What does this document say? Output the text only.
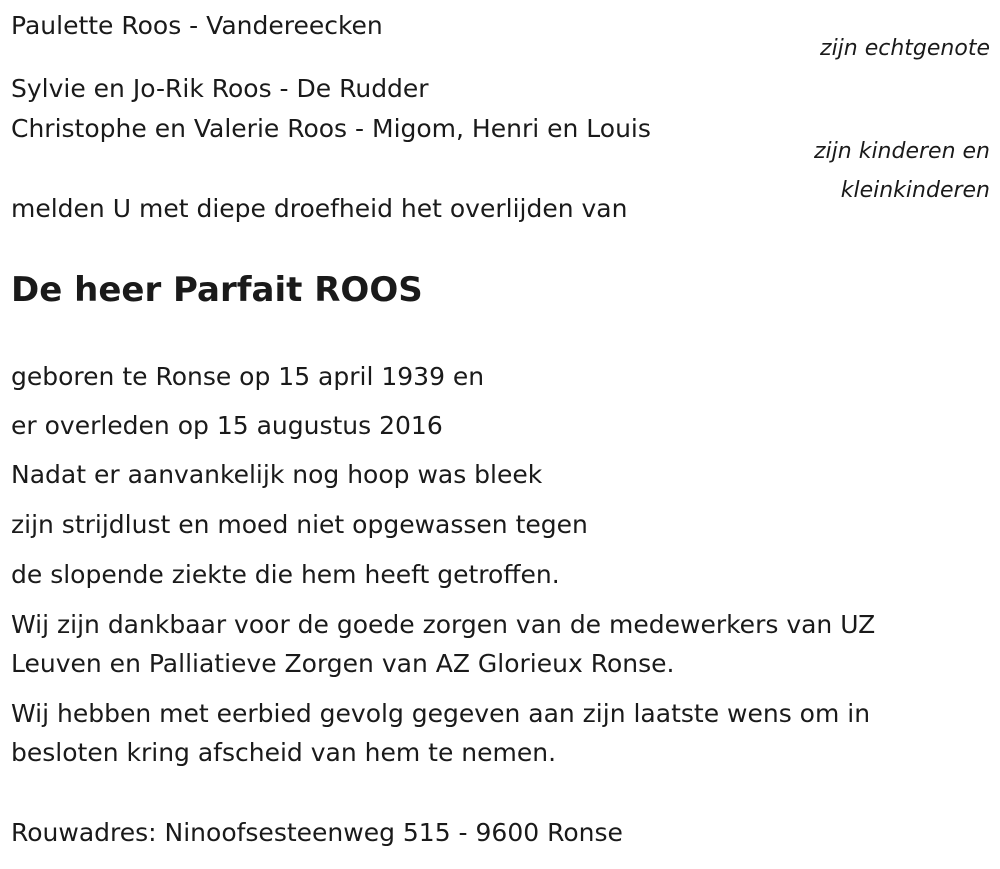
Paulette Roos - Vandereecken
zijn echtgenote
Sylvie en Jo-Rik Roos - De Rudder
Christophe en Valerie Roos - Migom, Henri en Louis
zijn kinderen en
kleinkinderen
melden U met diepe droefheid het overlijden van
De heer Parfait ROOS
geboren te Ronse op 15 april 1939 en
er overleden op 15 augustus 2016
Nadat er aanvankelijk nog hoop was bleek
zijn strijdlust en moed niet opgewassen tegen
de slopende ziekte die hem heeft getroffen.
Wij zijn dankbaar voor de goede zorgen van de medewerkers van UZ
Leuven en Palliatieve Zorgen van AZ Glorieux Ronse.
Wij hebben met eerbied gevolg gegeven aan zijn laatste wens om in
besloten kring afscheid van hem te nemen.
Rouwadres: Ninoofsesteenweg 515 - 9600 Ronse
